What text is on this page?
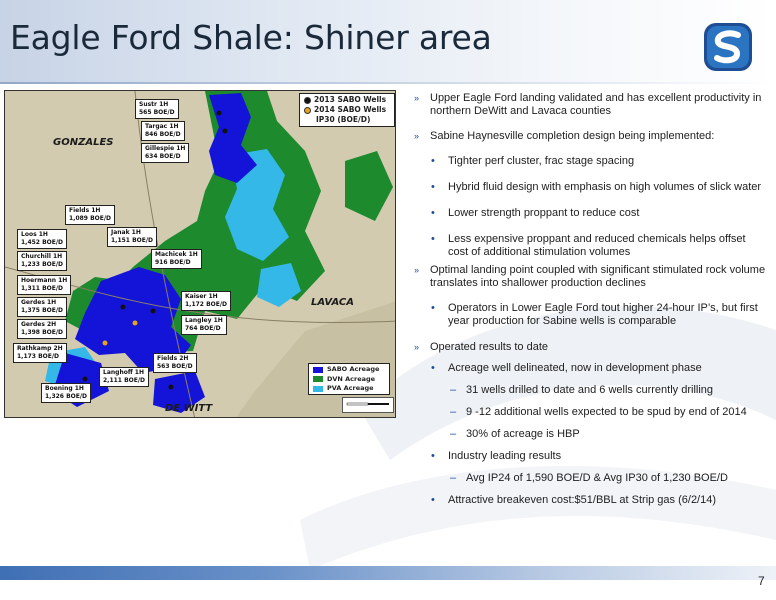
Eagle Ford Shale: Shiner area
2013 SABO Wells
2014 SABO Wells
IP30 (BOE/D)
GONZALES
LAVACA
DE WITT
Sustr 1H
565 BOE/D
Targac 1H
846 BOE/D
Gillespie 1H
634 BOE/D
Fields 1H
1,089 BOE/D
Loos 1H
1,452 BOE/D
Janak 1H
1,151 BOE/D
Churchill 1H
1,233 BOE/D
Machicek 1H
916 BOE/D
Hoermann 1H
1,311 BOE/D
Gerdes 1H
1,375 BOE/D
Kaiser 1H
1,172 BOE/D
Gerdes 2H
1,398 BOE/D
Langley 1H
764 BOE/D
Rathkamp 2H
1,173 BOE/D	Fields 2H
563 BOE/D
Langhoff 1H
2,111 BOE/D
Boening 1H
1,326 BOE/D
SABO Acreage
DVN Acreage
PVA Acreage
» Upper Eagle Ford landing validated and has excellent productivity in northern DeWitt and Lavaca counties
» Sabine Haynesville completion design being implemented:
• Tighter perf cluster, frac stage spacing
• Hybrid fluid design with emphasis on high volumes of slick water
• Lower strength proppant to reduce cost
• Less expensive proppant and reduced chemicals helps offset cost of additional stimulation volumes
» Optimal landing point coupled with significant stimulated rock volume translates into shallower production declines
• Operators in Lower Eagle Ford tout higher 24-hour IP’s, but first year production for Sabine wells is comparable
» Operated results to date
• Acreage well delineated, now in development phase
– 31 wells drilled to date and 6 wells currently drilling
– 9 -12 additional wells expected to be spud by end of 2014
– 30% of acreage is HBP
• Industry leading results
– Avg IP24 of 1,590 BOE/D & Avg IP30 of 1,230 BOE/D
• Attractive breakeven cost:$51/BBL at Strip gas (6/2/14)
7
